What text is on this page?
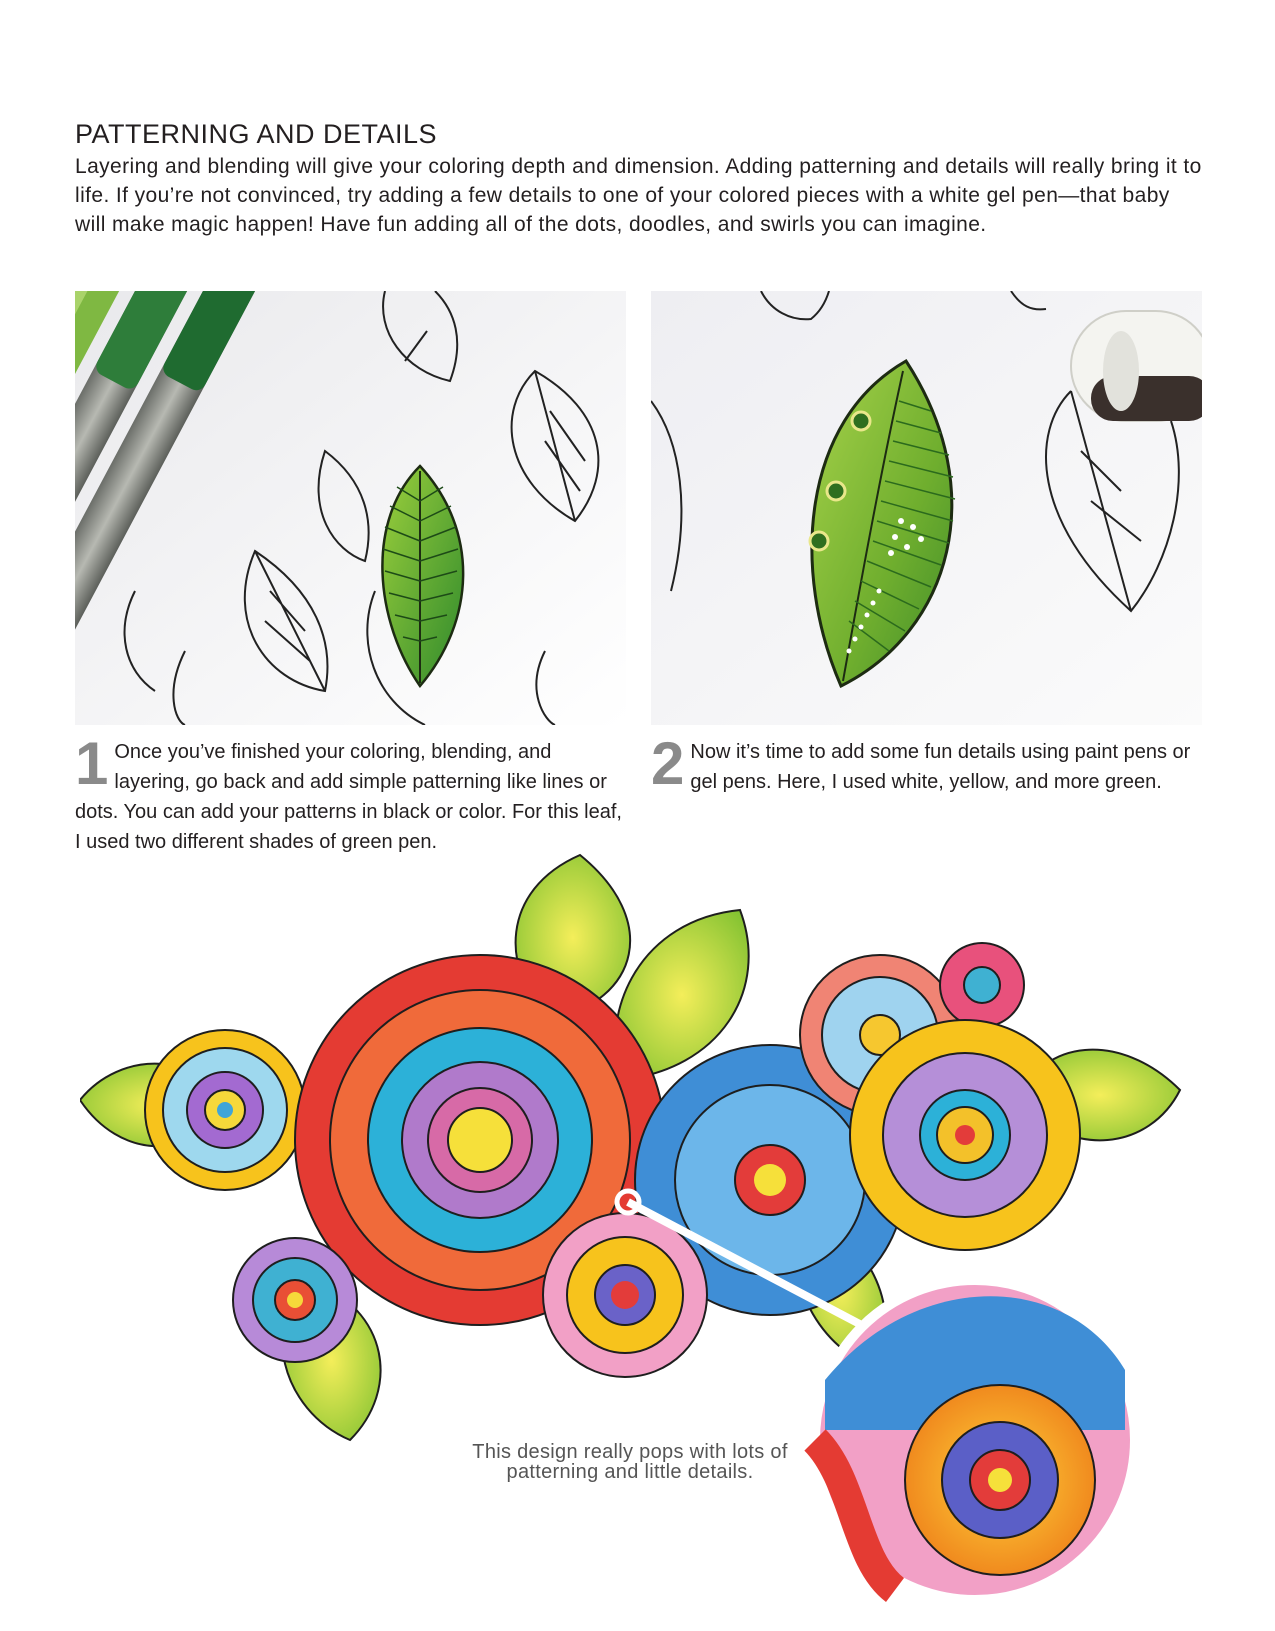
PATTERNING AND DETAILS

Layering and blending will give your coloring depth and dimension. Adding patterning and details will really bring it to life. If you’re not convinced, try adding a few details to one of your colored pieces with a white gel pen—that baby will make magic happen! Have fun adding all of the dots, doodles, and swirls you can imagine.

1 Once you’ve finished your coloring, blending, and layering, go back and add simple patterning like lines or dots. You can add your patterns in black or color. For this leaf, I used two different shades of green pen.

2 Now it’s time to add some fun details using paint pens or gel pens. Here, I used white, yellow, and more green.

This design really pops with lots of patterning and little details.
